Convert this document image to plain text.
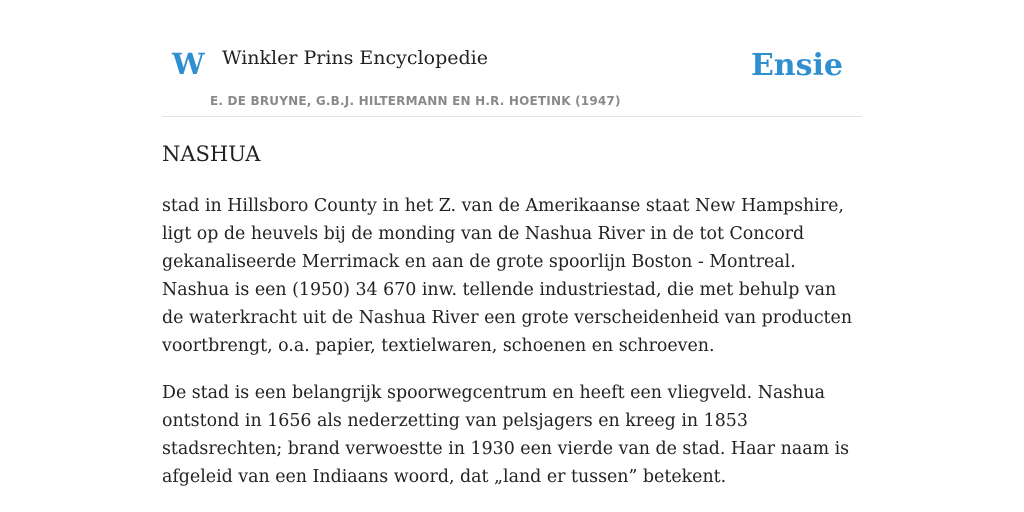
W Winkler Prins Encyclopedie
E. DE BRUYNE, G.B.J. HILTERMANN EN H.R. HOETINK (1947)
Ensie
NASHUA

stad in Hillsboro County in het Z. van de Amerikaanse staat New Hampshire, ligt op de heuvels bij de monding van de Nashua River in de tot Concord gekanaliseerde Merrimack en aan de grote spoorlijn Boston - Montreal. Nashua is een (1950) 34 670 inw. tellende industriestad, die met behulp van de waterkracht uit de Nashua River een grote verscheidenheid van producten voortbrengt, o.a. papier, textielwaren, schoenen en schroeven.

De stad is een belangrijk spoorwegcentrum en heeft een vliegveld. Nashua ontstond in 1656 als nederzetting van pelsjagers en kreeg in 1853 stadsrechten; brand verwoestte in 1930 een vierde van de stad. Haar naam is afgeleid van een Indiaans woord, dat „land er tussen” betekent.
